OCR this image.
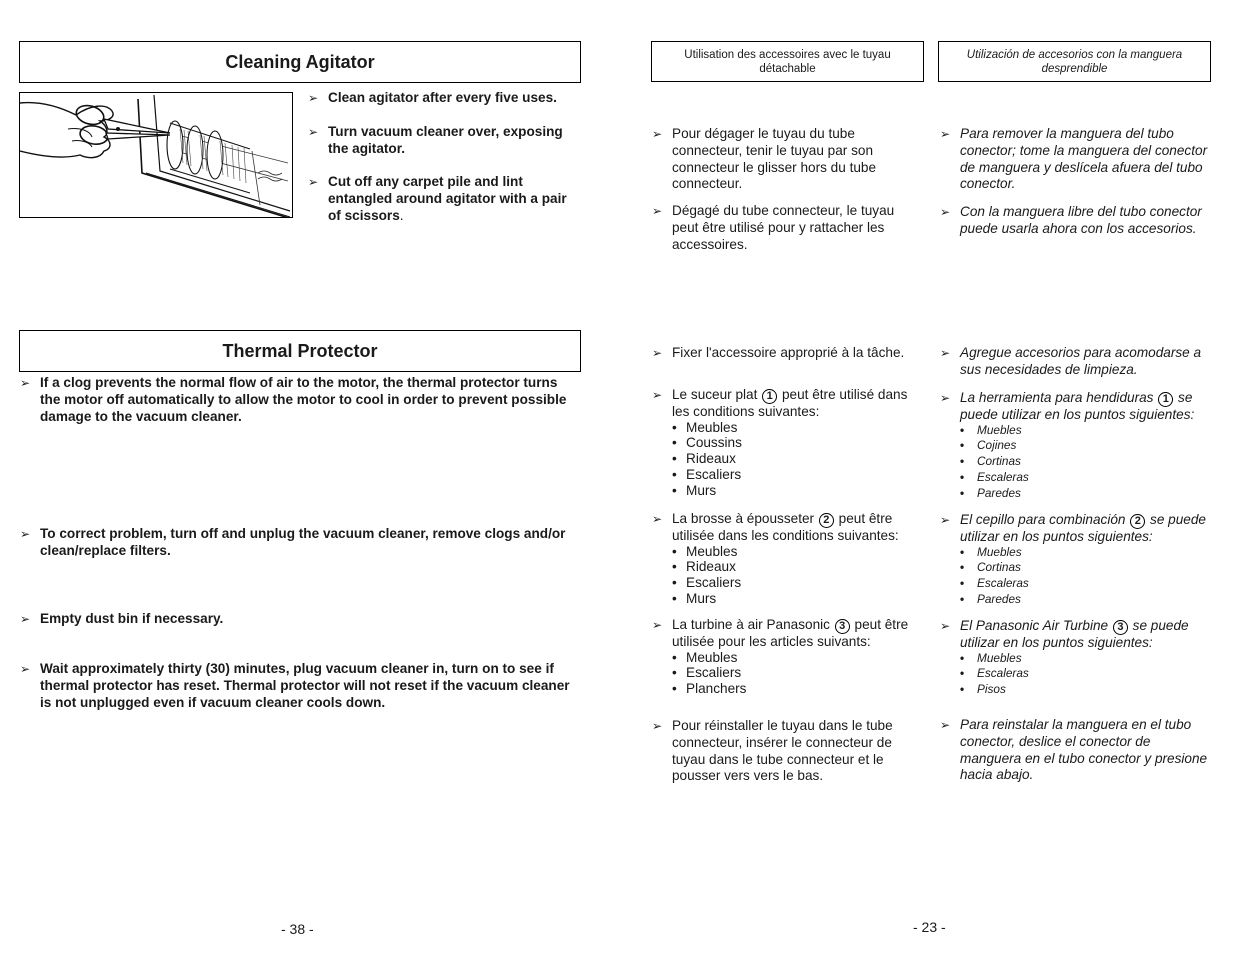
Cleaning Agitator
➢ Clean agitator after every five uses.
➢ Turn vacuum cleaner over, exposing the agitator.
➢ Cut off any carpet pile and lint entangled around agitator with a pair of scissors.
Thermal Protector
➢ If a clog prevents the normal flow of air to the motor, the thermal protector turns the motor off automatically to allow the motor to cool in order to prevent possible damage to the vacuum cleaner.
➢ To correct problem, turn off and unplug the vacuum cleaner, remove clogs and/or clean/replace filters.
➢ Empty dust bin if necessary.
➢ Wait approximately thirty (30) minutes, plug vacuum cleaner in, turn on to see if thermal protector has reset. Thermal protector will not reset if the vacuum cleaner is not unplugged even if vacuum cleaner cools down.
- 38 -
Utilisation des accessoires avec le tuyau détachable
➢ Pour dégager le tuyau du tube connecteur, tenir le tuyau par son connecteur le glisser hors du tube connecteur.
➢ Dégagé du tube connecteur, le tuyau peut être utilisé pour y rattacher les accessoires.
➢ Fixer l'accessoire approprié à la tâche.
➢ Le suceur plat 1 peut être utilisé dans les conditions suivantes:
• Meubles
• Coussins
• Rideaux
• Escaliers
• Murs
➢ La brosse à épousseter 2 peut être utilisée dans les conditions suivantes:
• Meubles
• Rideaux
• Escaliers
• Murs
➢ La turbine à air Panasonic 3 peut être utilisée pour les articles suivants:
• Meubles
• Escaliers
• Planchers
➢ Pour réinstaller le tuyau dans le tube connecteur, insérer le connecteur de tuyau dans le tube connecteur et le pousser vers vers le bas.
Utilización de accesorios con la manguera desprendible
➢ Para remover la manguera del tubo conector; tome la manguera del conector de manguera y deslícela afuera del tubo conector.
➢ Con la manguera libre del tubo conector puede usarla ahora con los accesorios.
➢ Agregue accesorios para acomodarse a sus necesidades de limpieza.
➢ La herramienta para hendiduras 1 se puede utilizar en los puntos siguientes:
•	Muebles
•	Cojines
•	Cortinas
•	Escaleras
•	Paredes
➢ El cepillo para combinación 2 se puede utilizar en los puntos siguientes:
•	Muebles
•	Cortinas
•	Escaleras
•	Paredes
➢ El Panasonic Air Turbine 3 se puede utilizar en los puntos siguientes:
•	Muebles
•	Escaleras
•	Pisos
➢ Para reinstalar la manguera en el tubo conector, deslice el conector de manguera en el tubo conector y presione hacia abajo.
- 23 -
